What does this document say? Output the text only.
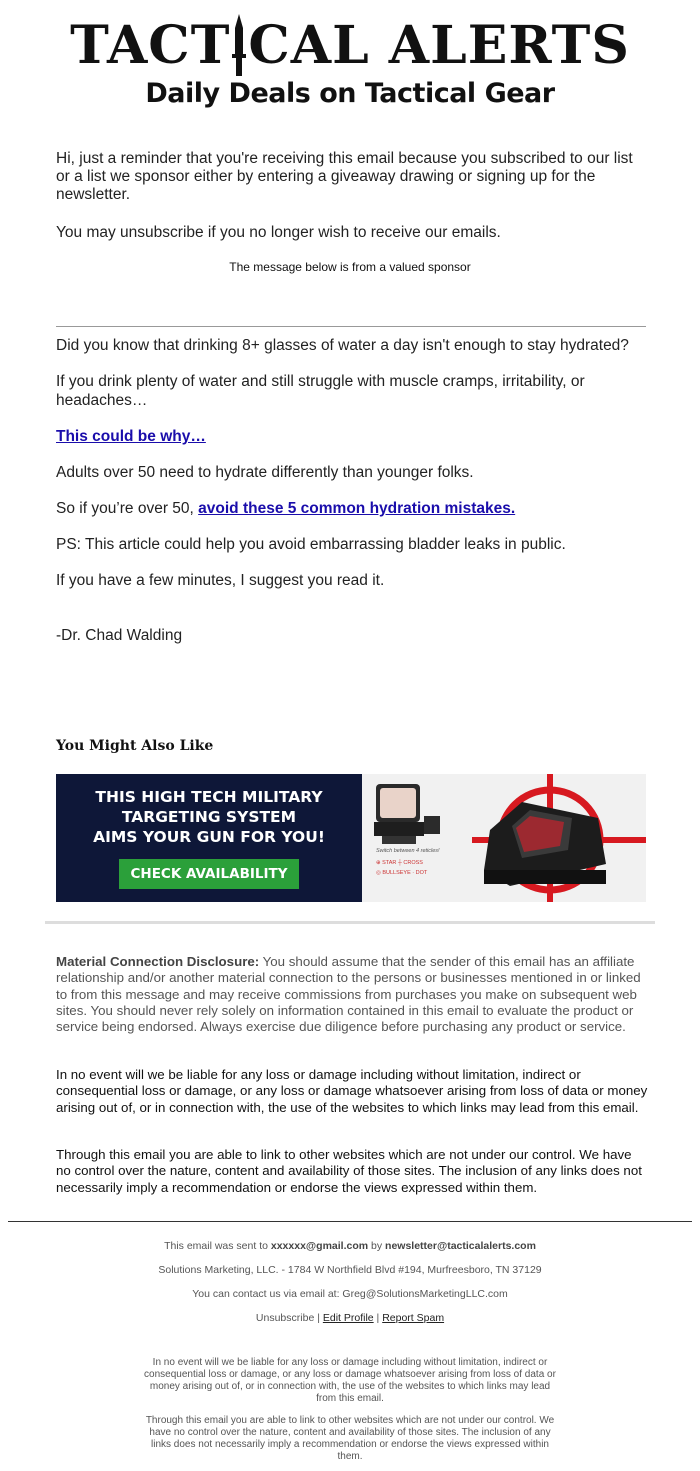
TACT CAL ALERTS
Daily Deals on Tactical Gear

Hi, just a reminder that you're receiving this email because you subscribed to our list or a list we sponsor either by entering a giveaway drawing or signing up for the newsletter.

You may unsubscribe if you no longer wish to receive our emails.

The message below is from a valued sponsor

Did you know that drinking 8+ glasses of water a day isn't enough to stay hydrated?

If you drink plenty of water and still struggle with muscle cramps, irritability, or headaches…

This could be why…

Adults over 50 need to hydrate differently than younger folks.

So if you’re over 50, avoid these 5 common hydration mistakes.

PS: This article could help you avoid embarrassing bladder leaks in public.

If you have a few minutes, I suggest you read it.

-Dr. Chad Walding

You Might Also Like
THIS HIGH TECH MILITARY
TARGETING SYSTEM
AIMS YOUR GUN FOR YOU!
CHECK AVAILABILITY
Switch between 4 reticles!
⊕ STAR ┼ CROSS
◎ BULLSEYE · DOT
Material Connection Disclosure: You should assume that the sender of this email has an affiliate relationship and/or another material connection to the persons or businesses mentioned in or linked to from this message and may receive commissions from purchases you make on subsequent web sites. You should never rely solely on information contained in this email to evaluate the product or service being endorsed. Always exercise due diligence before purchasing any product or service.
In no event will we be liable for any loss or damage including without limitation, indirect or consequential loss or damage, or any loss or damage whatsoever arising from loss of data or money arising out of, or in connection with, the use of the websites to which links may lead from this email.
Through this email you are able to link to other websites which are not under our control. We have no control over the nature, content and availability of those sites. The inclusion of any links does not necessarily imply a recommendation or endorse the views expressed within them.
This email was sent to xxxxxx@gmail.com by newsletter@tacticalalerts.com
Solutions Marketing, LLC. - 1784 W Northfield Blvd #194, Murfreesboro, TN 37129
You can contact us via email at: Greg@SolutionsMarketingLLC.com
Unsubscribe | Edit Profile | Report Spam
In no event will we be liable for any loss or damage including without limitation, indirect or consequential loss or damage, or any loss or damage whatsoever arising from loss of data or money arising out of, or in connection with, the use of the websites to which links may lead from this email.
Through this email you are able to link to other websites which are not under our control. We have no control over the nature, content and availability of those sites. The inclusion of any links does not necessarily imply a recommendation or endorse the views expressed within them.
